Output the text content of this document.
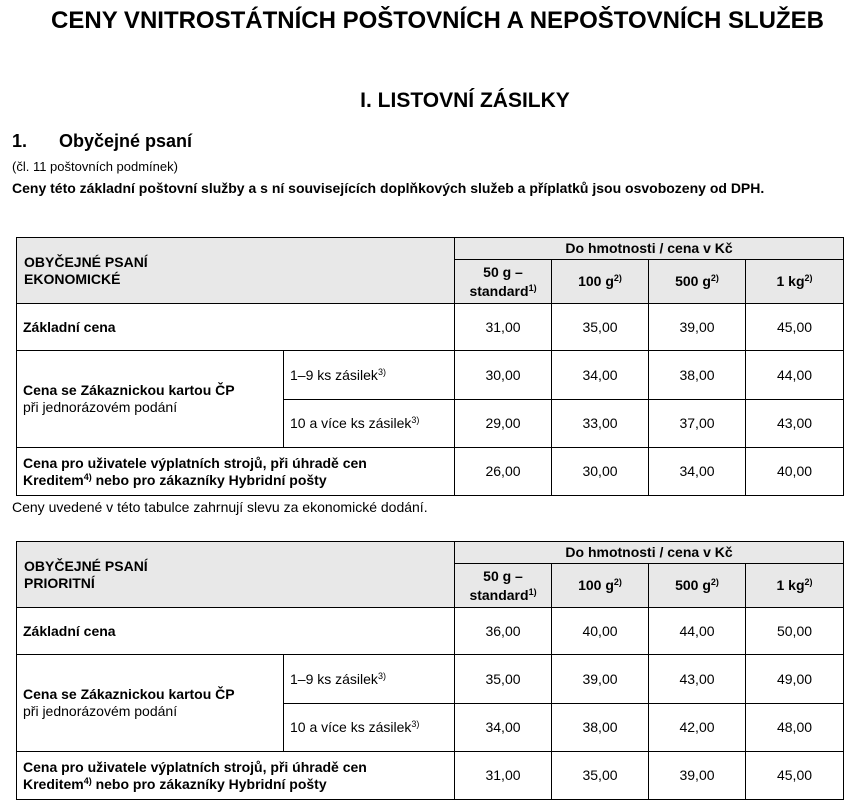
CENY VNITROSTÁTNÍCH POŠTOVNÍCH A NEPOŠTOVNÍCH SLUŽEB
I. LISTOVNÍ ZÁSILKY
1. Obyčejné psaní
(čl. 11 poštovních podmínek)
Ceny této základní poštovní služby a s ní souvisejících doplňkových služeb a příplatků jsou osvobozeny od DPH.
OBYČEJNÉ PSANÍ
EKONOMICKÉ		Do hmotnosti / cena v Kč			

		50 g –
standard$^{1)}$	100 $g^{2)}$	500 $g^{2)}$	1 $kg^{2)}$
Základní cena		31,00	35,00	39,00	45,00

Cena se Zákaznickou kartou ČP
při jednorázovém podání	1–9 ks zásilek$^{3)}$	30,00	34,00	38,00	44,00
	10 a více ks zásilek$^{3)}$	29,00	33,00	37,00	43,00

Cena pro uživatele výplatních strojů, při úhradě cen
Kreditem$^{4)}$ nebo pro zákazníky Hybridní pošty		26,00	30,00	34,00	40,00
Ceny uvedené v této tabulce zahrnují slevu za ekonomické dodání.
OBYČEJNÉ PSANÍ
PRIORITNÍ		Do hmotnosti / cena v Kč			

		50 g –
standard$^{1)}$	100 $g^{2)}$	500 $g^{2)}$	1 $kg^{2)}$
Základní cena		36,00	40,00	44,00	50,00

Cena se Zákaznickou kartou ČP
při jednorázovém podání	1–9 ks zásilek$^{3)}$	35,00	39,00	43,00	49,00
	10 a více ks zásilek$^{3)}$	34,00	38,00	42,00	48,00

Cena pro uživatele výplatních strojů, při úhradě cen
Kreditem$^{4)}$ nebo pro zákazníky Hybridní pošty		31,00	35,00	39,00	45,00
